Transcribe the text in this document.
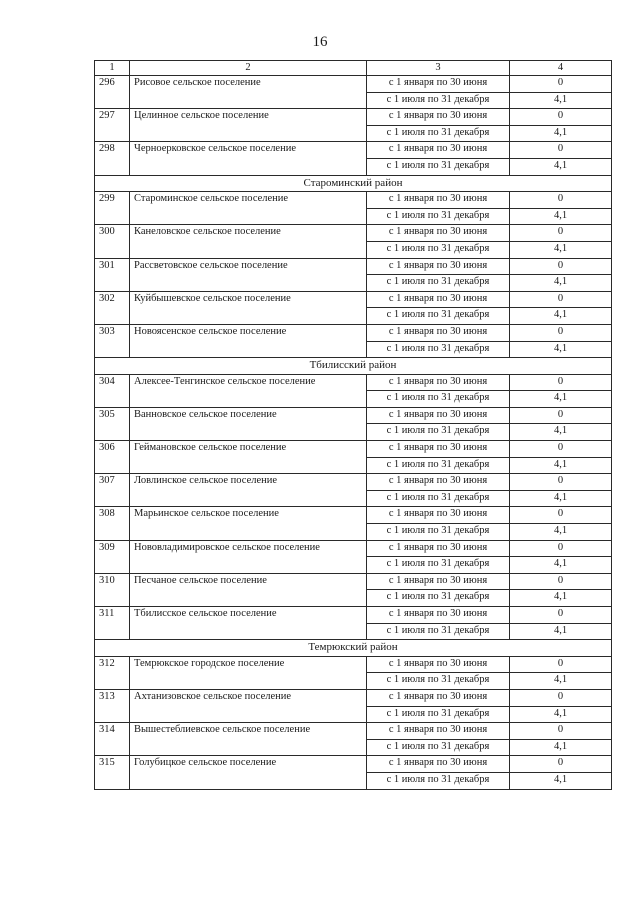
16
1	2	3	4
296	Рисовое сельское поселение	с 1 января по 30 июня	0
		с 1 июля по 31 декабря	4,1
297	Целинное сельское поселение	с 1 января по 30 июня	0
		с 1 июля по 31 декабря	4,1
298	Черноерковское сельское поселение	с 1 января по 30 июня	0
		с 1 июля по 31 декабря	4,1
Староминский район			
299	Староминское сельское поселение	с 1 января по 30 июня	0
		с 1 июля по 31 декабря	4,1
300	Канеловское сельское поселение	с 1 января по 30 июня	0
		с 1 июля по 31 декабря	4,1
301	Рассветовское сельское поселение	с 1 января по 30 июня	0
		с 1 июля по 31 декабря	4,1
302	Куйбышевское сельское поселение	с 1 января по 30 июня	0
		с 1 июля по 31 декабря	4,1
303	Новоясенское сельское поселение	с 1 января по 30 июня	0
		с 1 июля по 31 декабря	4,1
Тбилисский район			
304	Алексее-Тенгинское сельское поселение	с 1 января по 30 июня	0
		с 1 июля по 31 декабря	4,1
305	Ванновское сельское поселение	с 1 января по 30 июня	0
		с 1 июля по 31 декабря	4,1
306	Геймановское сельское поселение	с 1 января по 30 июня	0
		с 1 июля по 31 декабря	4,1
307	Ловлинское сельское поселение	с 1 января по 30 июня	0
		с 1 июля по 31 декабря	4,1
308	Марьинское сельское поселение	с 1 января по 30 июня	0
		с 1 июля по 31 декабря	4,1
309	Нововладимировское сельское поселение	с 1 января по 30 июня	0
		с 1 июля по 31 декабря	4,1
310	Песчаное сельское поселение	с 1 января по 30 июня	0
		с 1 июля по 31 декабря	4,1
311	Тбилисское сельское поселение	с 1 января по 30 июня	0
		с 1 июля по 31 декабря	4,1
Темрюкский район			
312	Темрюкское городское поселение	с 1 января по 30 июня	0
		с 1 июля по 31 декабря	4,1
313	Ахтанизовское сельское поселение	с 1 января по 30 июня	0
		с 1 июля по 31 декабря	4,1
314	Вышестеблиевское сельское поселение	с 1 января по 30 июня	0
		с 1 июля по 31 декабря	4,1
315	Голубицкое сельское поселение	с 1 января по 30 июня	0
		с 1 июля по 31 декабря	4,1
